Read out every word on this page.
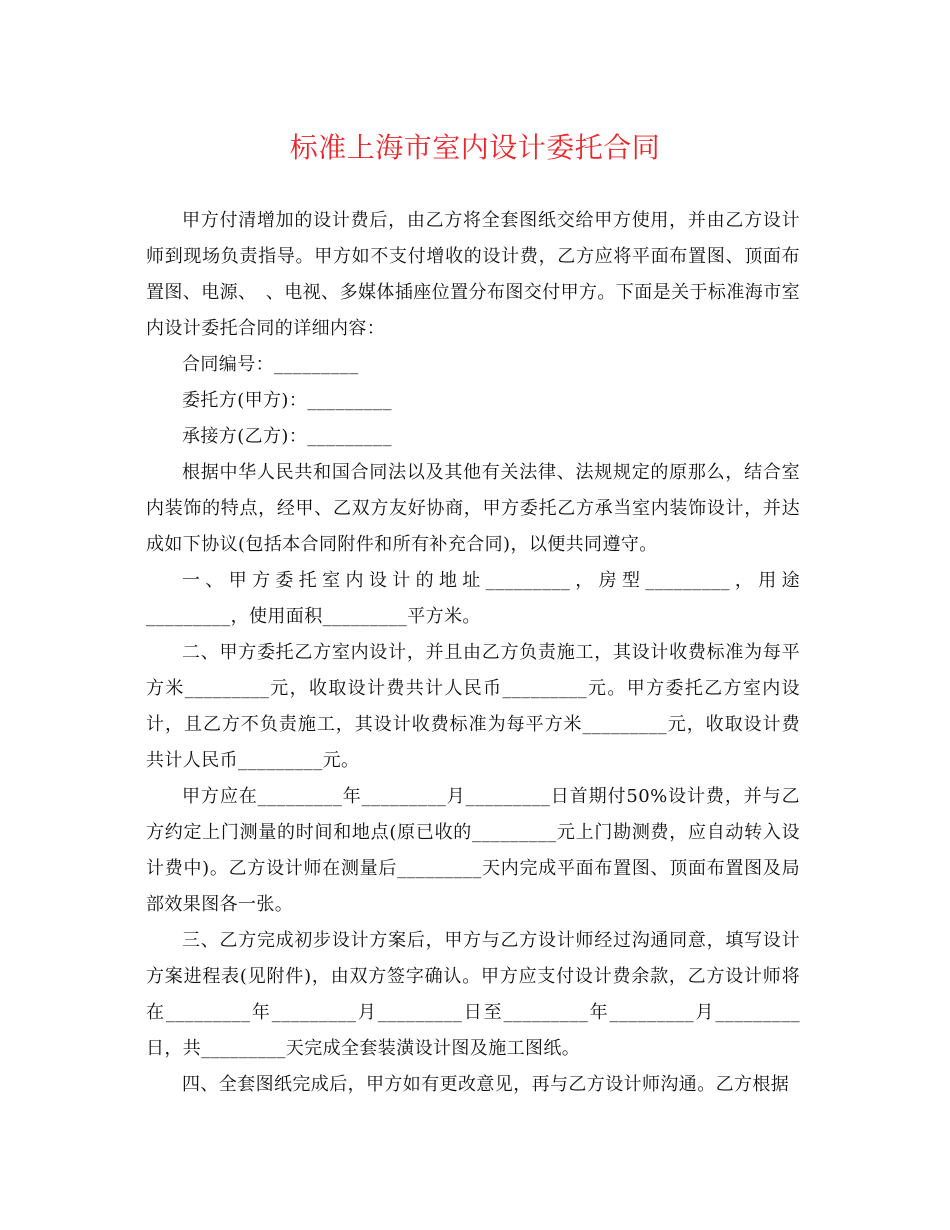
标准上海市室内设计委托合同

甲方付清增加的设计费后，由乙方将全套图纸交给甲方使用，并由乙方设计师到现场负责指导。甲方如不支付增收的设计费，乙方应将平面布置图、顶面布置图、电源、　、电视、多媒体插座位置分布图交付甲方。下面是关于标准海市室内设计委托合同的详细内容：

合同编号：_________

委托方(甲方)：_________

承接方(乙方)：_________

根据中华人民共和国合同法以及其他有关法律、法规规定的原那么，结合室内装饰的特点，经甲、乙双方友好协商，甲方委托乙方承当室内装饰设计，并达成如下协议(包括本合同附件和所有补充合同)，以便共同遵守。

一、甲方委托室内设计的地址_________，房型_________，用途_________，使用面积_________平方米。

二、甲方委托乙方室内设计，并且由乙方负责施工，其设计收费标准为每平方米_________元，收取设计费共计人民币_________元。甲方委托乙方室内设计，且乙方不负责施工，其设计收费标准为每平方米_________元，收取设计费共计人民币_________元。

甲方应在_________年_________月_________日首期付50%设计费，并与乙方约定上门测量的时间和地点(原已收的_________元上门勘测费，应自动转入设计费中)。乙方设计师在测量后_________天内完成平面布置图、顶面布置图及局部效果图各一张。

三、乙方完成初步设计方案后，甲方与乙方设计师经过沟通同意，填写设计方案进程表(见附件)，由双方签字确认。甲方应支付设计费余款，乙方设计师将在_________年_________月_________日至_________年_________月_________日，共_________天完成全套装潢设计图及施工图纸。

四、全套图纸完成后，甲方如有更改意见，再与乙方设计师沟通。乙方根据
